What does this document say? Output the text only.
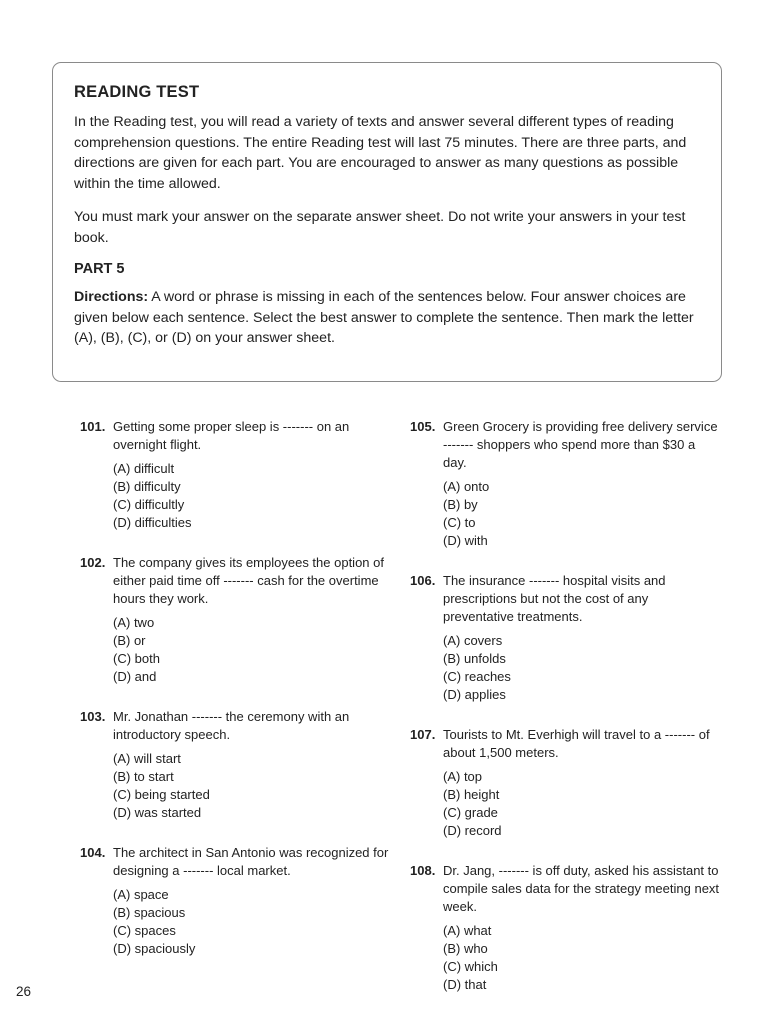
READING TEST

In the Reading test, you will read a variety of texts and answer several different types of reading comprehension questions. The entire Reading test will last 75 minutes. There are three parts, and directions are given for each part. You are encouraged to answer as many questions as possible within the time allowed.

You must mark your answer on the separate answer sheet. Do not write your answers in your test book.

PART 5

Directions: A word or phrase is missing in each of the sentences below. Four answer choices are given below each sentence. Select the best answer to complete the sentence. Then mark the letter (A), (B), (C), or (D) on your answer sheet.

101. Getting some proper sleep is ------- on an overnight flight.
(A) difficult
(B) difficulty
(C) difficultly
(D) difficulties
102. The company gives its employees the option of either paid time off ------- cash for the overtime hours they work.
(A) two
(B) or
(C) both
(D) and
103. Mr. Jonathan ------- the ceremony with an introductory speech.
(A) will start
(B) to start
(C) being started
(D) was started
104. The architect in San Antonio was recognized for designing a ------- local market.
(A) space
(B) spacious
(C) spaces
(D) spaciously
105. Green Grocery is providing free delivery service ------- shoppers who spend more than $30 a day.
(A) onto
(B) by
(C) to
(D) with
106. The insurance ------- hospital visits and prescriptions but not the cost of any preventative treatments.
(A) covers
(B) unfolds
(C) reaches
(D) applies
107. Tourists to Mt. Everhigh will travel to a ------- of about 1,500 meters.
(A) top
(B) height
(C) grade
(D) record
108. Dr. Jang, ------- is off duty, asked his assistant to compile sales data for the strategy meeting next week.
(A) what
(B) who
(C) which
(D) that
26
